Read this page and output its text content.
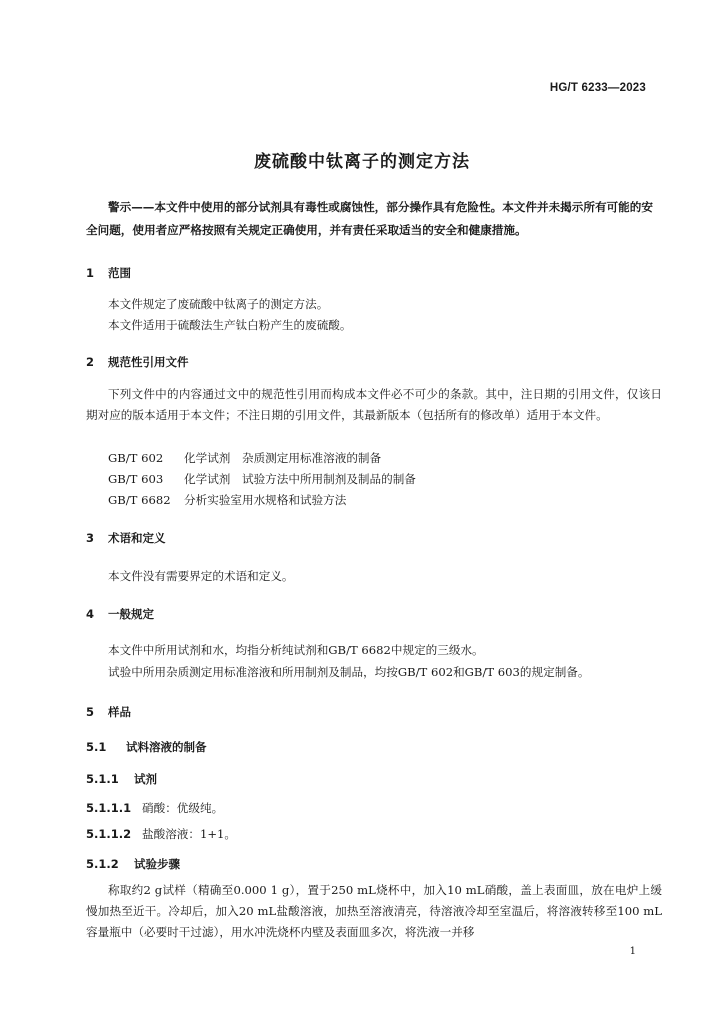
HG/T 6233—2023
废硫酸中钛离子的测定方法
警示——本文件中使用的部分试剂具有毒性或腐蚀性，部分操作具有危险性。本文件并未揭示所有可能的安全问题，使用者应严格按照有关规定正确使用，并有责任采取适当的安全和健康措施。
1 范围
本文件规定了废硫酸中钛离子的测定方法。
本文件适用于硫酸法生产钛白粉产生的废硫酸。
2 规范性引用文件
下列文件中的内容通过文中的规范性引用而构成本文件必不可少的条款。其中，注日期的引用文件，仅该日期对应的版本适用于本文件；不注日期的引用文件，其最新版本（包括所有的修改单）适用于本文件。
GB/T 602 化学试剂　杂质测定用标准溶液的制备
GB/T 603 化学试剂　试验方法中所用制剂及制品的制备
GB/T 6682 分析实验室用水规格和试验方法
3 术语和定义
本文件没有需要界定的术语和定义。
4 一般规定
本文件中所用试剂和水，均指分析纯试剂和GB/T 6682中规定的三级水。
试验中所用杂质测定用标准溶液和所用制剂及制品，均按GB/T 602和GB/T 603的规定制备。
5 样品
5.1 试料溶液的制备
5.1.1 试剂
5.1.1.1 硝酸：优级纯。
5.1.1.2 盐酸溶液：1+1。
5.1.2 试验步骤
称取约2 g试样（精确至0.000 1 g），置于250 mL烧杯中，加入10 mL硝酸，盖上表面皿，放在电炉上缓慢加热至近干。冷却后，加入20 mL盐酸溶液，加热至溶液清亮，待溶液冷却至室温后，将溶液转移至100 mL容量瓶中（必要时干过滤），用水冲洗烧杯内壁及表面皿多次，将洗液一并移
1
